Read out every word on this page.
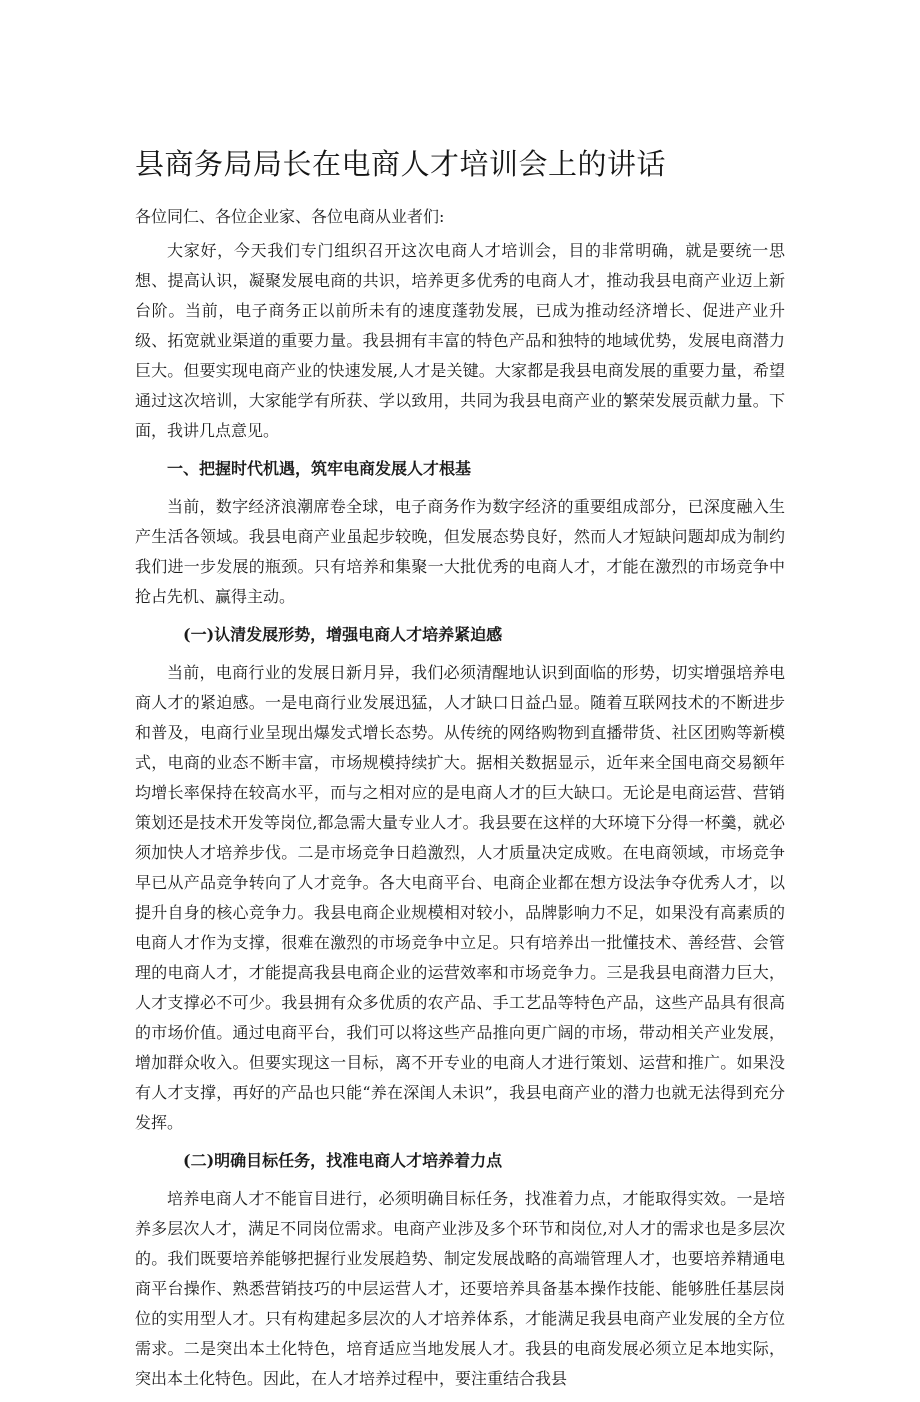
县商务局局长在电商人才培训会上的讲话

各位同仁、各位企业家、各位电商从业者们:

大家好，今天我们专门组织召开这次电商人才培训会，目的非常明确，就是要统一思想、提高认识，凝聚发展电商的共识，培养更多优秀的电商人才，推动我县电商产业迈上新台阶。当前，电子商务正以前所未有的速度蓬勃发展，已成为推动经济增长、促进产业升级、拓宽就业渠道的重要力量。我县拥有丰富的特色产品和独特的地域优势，发展电商潜力巨大。但要实现电商产业的快速发展,人才是关键。大家都是我县电商发展的重要力量，希望通过这次培训，大家能学有所获、学以致用，共同为我县电商产业的繁荣发展贡献力量。下面，我讲几点意见。

一、把握时代机遇，筑牢电商发展人才根基

当前，数字经济浪潮席卷全球，电子商务作为数字经济的重要组成部分，已深度融入生产生活各领域。我县电商产业虽起步较晚，但发展态势良好，然而人才短缺问题却成为制约我们进一步发展的瓶颈。只有培养和集聚一大批优秀的电商人才，才能在激烈的市场竞争中抢占先机、赢得主动。

(一)认清发展形势，增强电商人才培养紧迫感

当前，电商行业的发展日新月异，我们必须清醒地认识到面临的形势，切实增强培养电商人才的紧迫感。一是电商行业发展迅猛，人才缺口日益凸显。随着互联网技术的不断进步和普及，电商行业呈现出爆发式增长态势。从传统的网络购物到直播带货、社区团购等新模式，电商的业态不断丰富，市场规模持续扩大。据相关数据显示，近年来全国电商交易额年均增长率保持在较高水平，而与之相对应的是电商人才的巨大缺口。无论是电商运营、营销策划还是技术开发等岗位,都急需大量专业人才。我县要在这样的大环境下分得一杯羹，就必须加快人才培养步伐。二是市场竞争日趋激烈，人才质量决定成败。在电商领域，市场竞争早已从产品竞争转向了人才竞争。各大电商平台、电商企业都在想方设法争夺优秀人才，以提升自身的核心竞争力。我县电商企业规模相对较小，品牌影响力不足，如果没有高素质的电商人才作为支撑，很难在激烈的市场竞争中立足。只有培养出一批懂技术、善经营、会管理的电商人才，才能提高我县电商企业的运营效率和市场竞争力。三是我县电商潜力巨大，人才支撑必不可少。我县拥有众多优质的农产品、手工艺品等特色产品，这些产品具有很高的市场价值。通过电商平台，我们可以将这些产品推向更广阔的市场，带动相关产业发展，增加群众收入。但要实现这一目标，离不开专业的电商人才进行策划、运营和推广。如果没有人才支撑，再好的产品也只能“养在深闺人未识”，我县电商产业的潜力也就无法得到充分发挥。

(二)明确目标任务，找准电商人才培养着力点

培养电商人才不能盲目进行，必须明确目标任务，找准着力点，才能取得实效。一是培养多层次人才，满足不同岗位需求。电商产业涉及多个环节和岗位,对人才的需求也是多层次的。我们既要培养能够把握行业发展趋势、制定发展战略的高端管理人才，也要培养精通电商平台操作、熟悉营销技巧的中层运营人才，还要培养具备基本操作技能、能够胜任基层岗位的实用型人才。只有构建起多层次的人才培养体系，才能满足我县电商产业发展的全方位需求。二是突出本土化特色，培育适应当地发展人才。我县的电商发展必须立足本地实际，突出本土化特色。因此，在人才培养过程中，要注重结合我县
